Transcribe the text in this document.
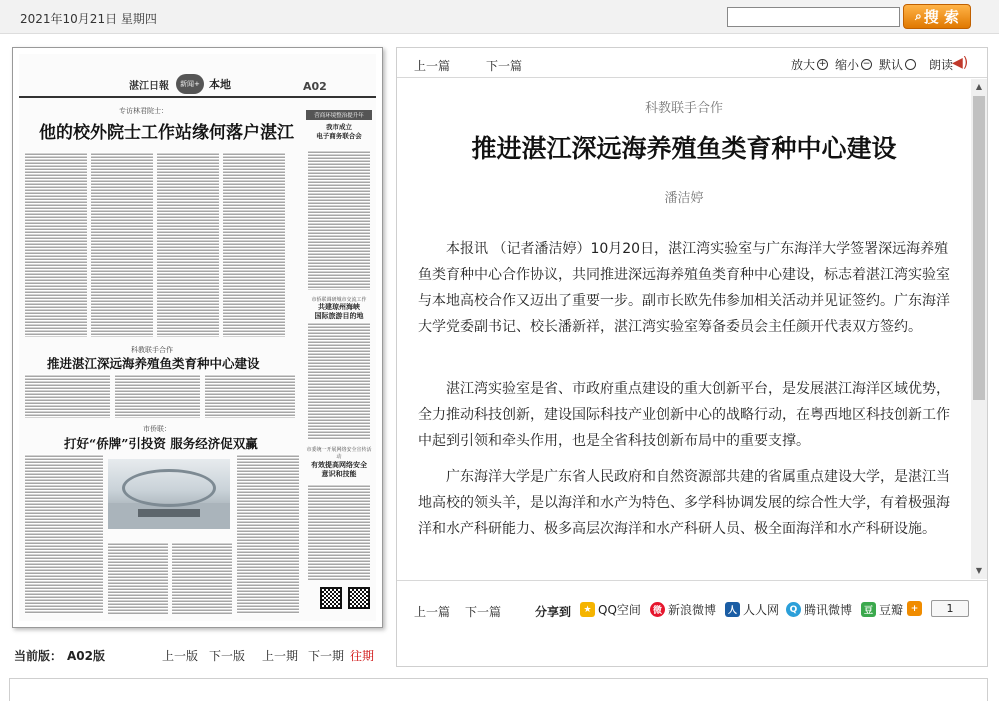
2021年10月21日 星期四	⌕ 搜 索
湛江日報	新闻+ 本地	A02
专访林君院士：
他的校外院士工作站缘何落户湛江
营商环境整治提升年
我市成立
电子商务联合会
市侨联调研城市交流工作
共建琼州海峡
国际旅游目的地
科教联手合作
推进湛江深远海养殖鱼类育种中心建设
市侨联：
打好“侨牌”引投资 服务经济促双赢	市委统一开展网络安全宣传活动
有效提高网络安全
意识和技能
当前版： A02版	上一版 下一版 上一期 下一期 往期
上一篇	下一篇	放大 + 缩小 − 默认 朗读
◀)
科教联手合作
推进湛江深远海养殖鱼类育种中心建设
潘洁婷

本报讯 （记者潘洁婷）10月20日，湛江湾实验室与广东海洋大学签署深远海养殖鱼类育种中心合作协议，共同推进深远海养殖鱼类育种中心建设，标志着湛江湾实验室与本地高校合作又迈出了重要一步。副市长欧先伟参加相关活动并见证签约。广东海洋大学党委副书记、校长潘新祥，湛江湾实验室筹备委员会主任颜开代表双方签约。

湛江湾实验室是省、市政府重点建设的重大创新平台，是发展湛江海洋区域优势，全力推动科技创新，建设国际科技产业创新中心的战略行动，在粤西地区科技创新工作中起到引领和牵头作用，也是全省科技创新布局中的重要支撑。

广东海洋大学是广东省人民政府和自然资源部共建的省属重点建设大学，是湛江当地高校的领头羊，是以海洋和水产为特色、多学科协调发展的综合性大学，有着极强海洋和水产科研能力、极多高层次海洋和水产科研人员、极全面海洋和水产科研设施。

▲
▼
上一篇 下一篇	分享到	★ QQ空间	微 新浪微博	人 人人网	Q 腾讯微博	豆 豆瓣 +	1
